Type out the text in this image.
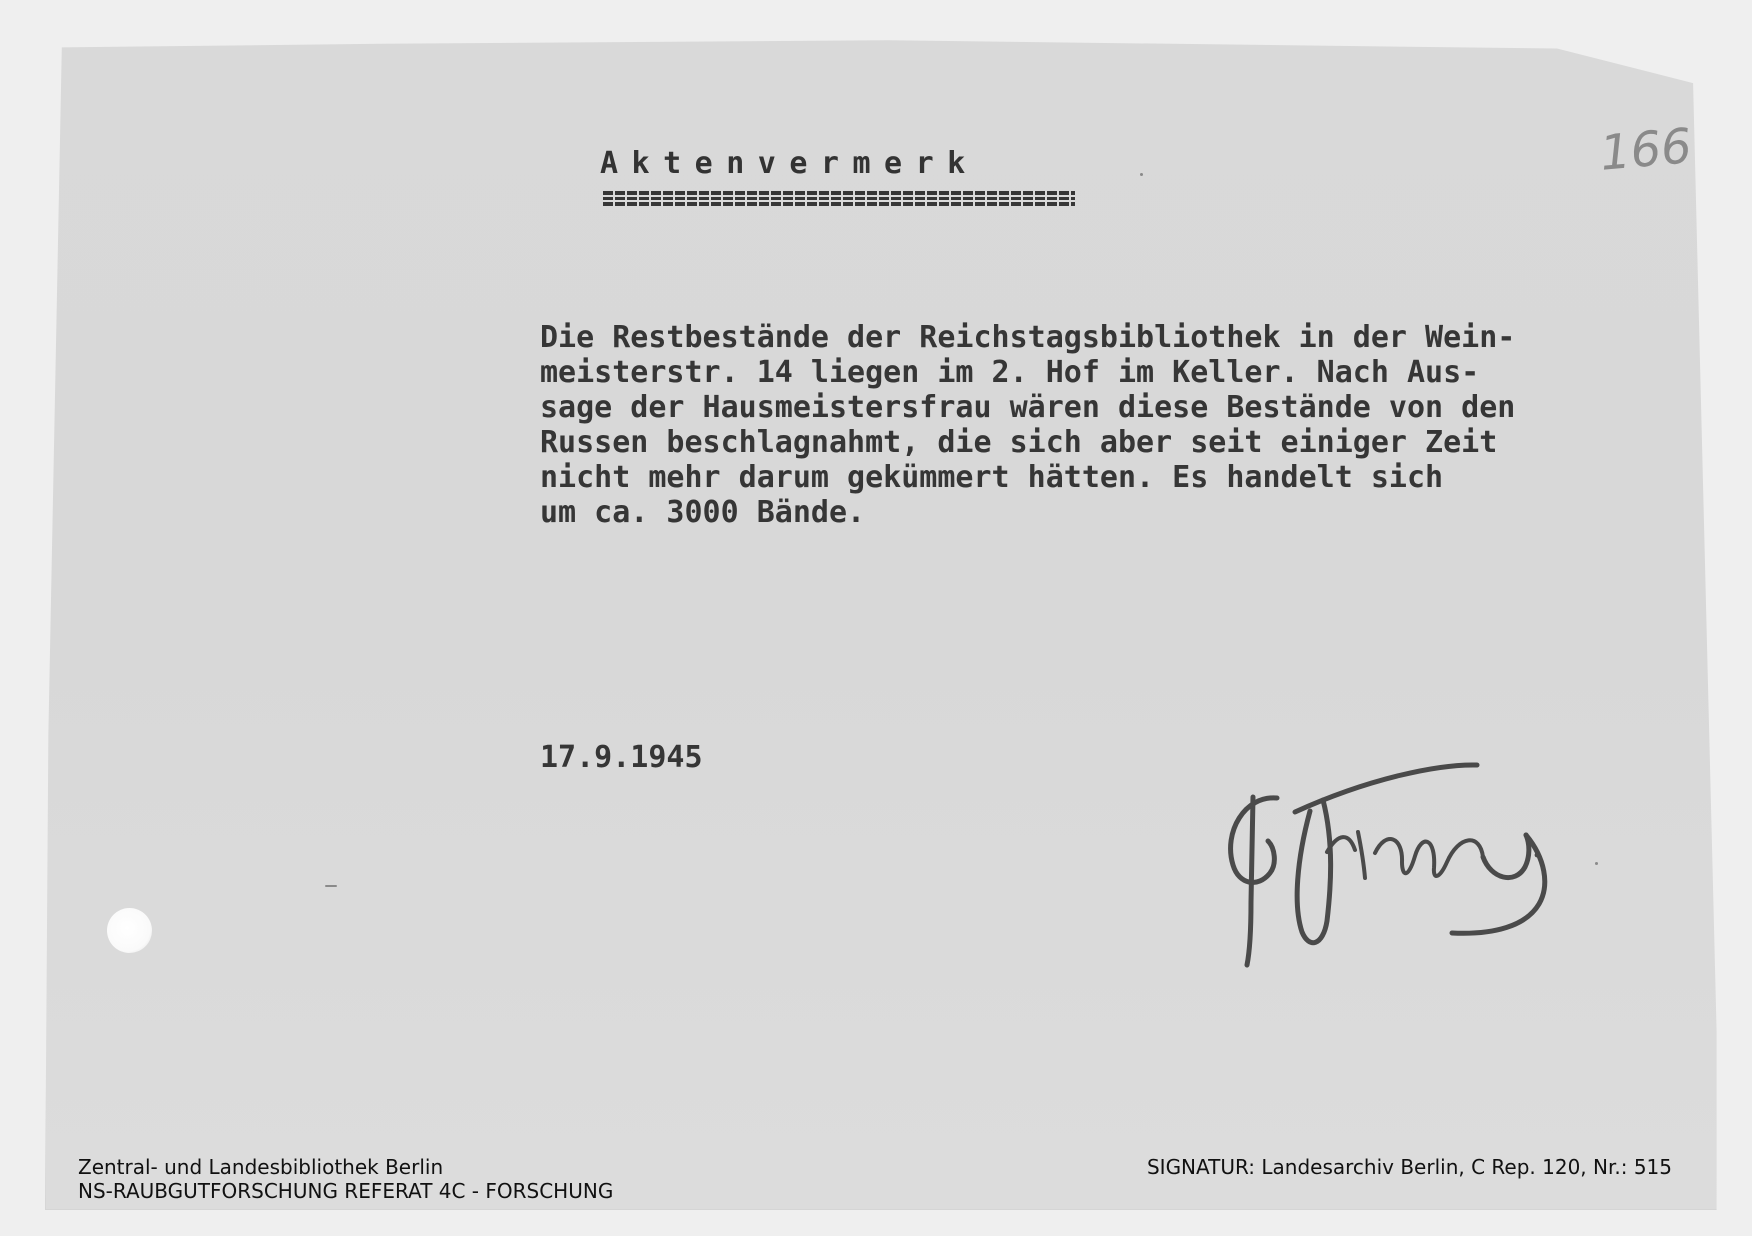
166
Aktenvermerk
Die Restbestände der Reichstagsbibliothek in der Wein-
meisterstr. 14 liegen im 2. Hof im Keller. Nach Aus-
sage der Hausmeistersfrau wären diese Bestände von den
Russen beschlagnahmt, die sich aber seit einiger Zeit
nicht mehr darum gekümmert hätten. Es handelt sich
um ca. 3000 Bände.
17.9.1945
Zentral- und Landesbibliothek Berlin
NS-RAUBGUTFORSCHUNG REFERAT 4C - FORSCHUNG
SIGNATUR: Landesarchiv Berlin, C Rep. 120, Nr.: 515
